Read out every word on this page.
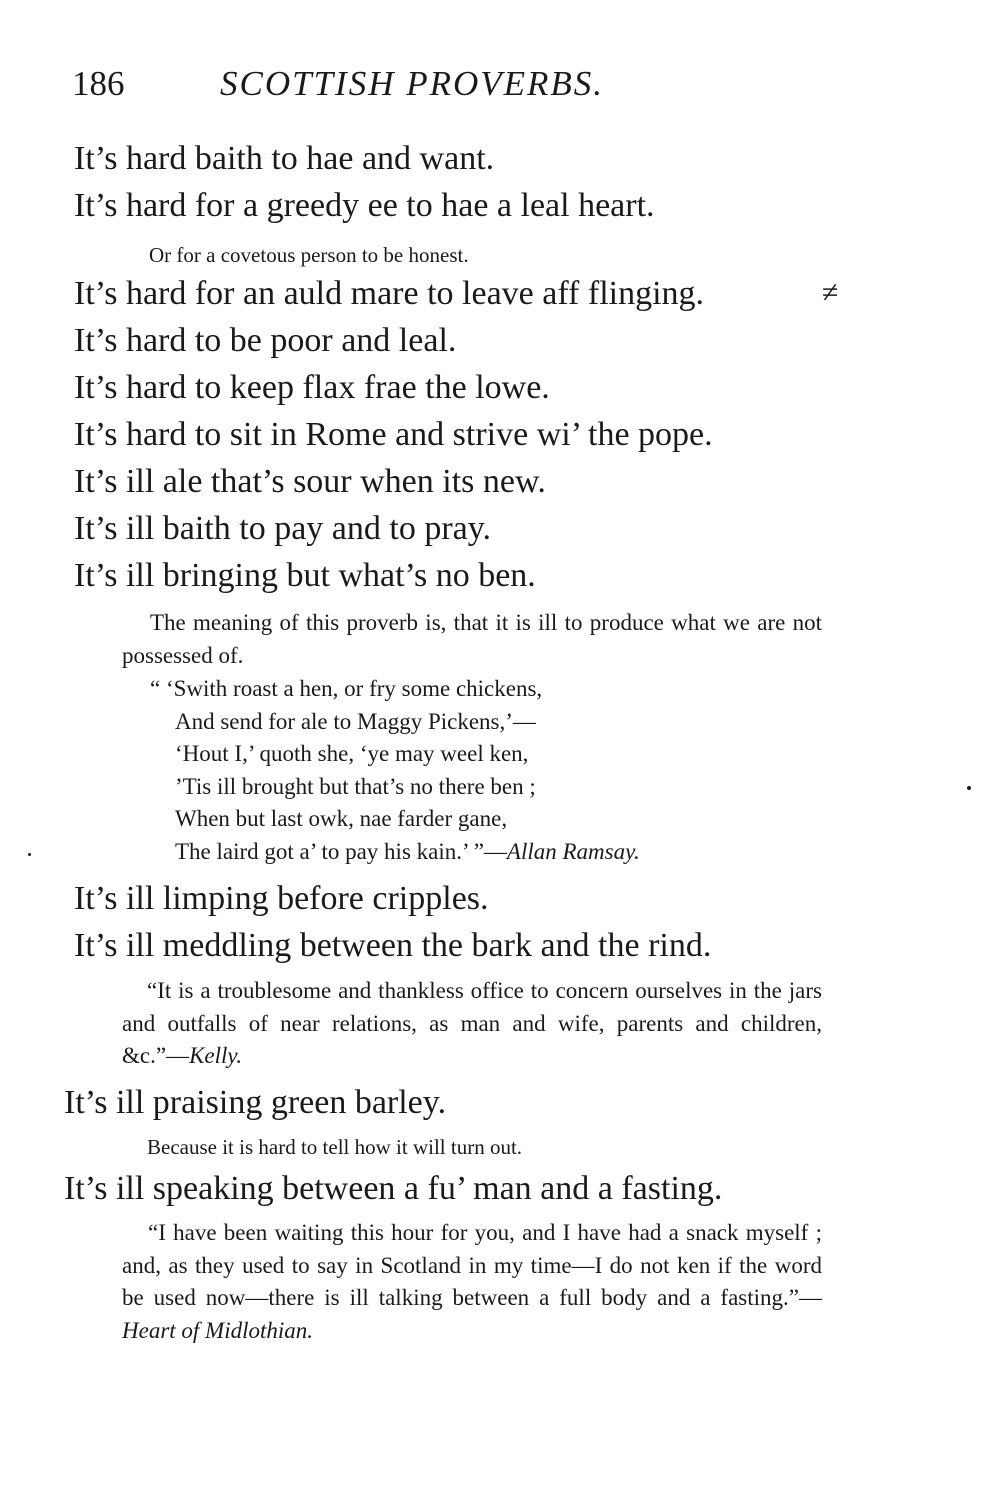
186	SCOTTISH PROVERBS.
It’s hard baith to hae and want.
It’s hard for a greedy ee to hae a leal heart.
Or for a covetous person to be honest.
It’s hard for an auld mare to leave aff flinging.	≠
It’s hard to be poor and leal.
It’s hard to keep flax frae the lowe.
It’s hard to sit in Rome and strive wi’ the pope.
It’s ill ale that’s sour when its new.
It’s ill baith to pay and to pray.
It’s ill bringing but what’s no ben.
The meaning of this proverb is, that it is ill to produce what we are not possessed of.
“ ‘Swith roast a hen, or fry some chickens,
And send for ale to Maggy Pickens,’—
‘Hout I,’ quoth she, ‘ye may weel ken,
’Tis ill brought but that’s no there ben ;
When but last owk, nae farder gane,
The laird got a’ to pay his kain.’ ”—Allan Ramsay.
It’s ill limping before cripples.
It’s ill meddling between the bark and the rind.
“It is a troublesome and thankless office to concern ourselves in the jars and outfalls of near relations, as man and wife, parents and children, &c.”—Kelly.
It’s ill praising green barley.
Because it is hard to tell how it will turn out.
It’s ill speaking between a fu’ man and a fasting.
“I have been waiting this hour for you, and I have had a snack myself ; and, as they used to say in Scotland in my time—I do not ken if the word be used now—there is ill talking between a full body and a fasting.”—Heart of Midlothian.
